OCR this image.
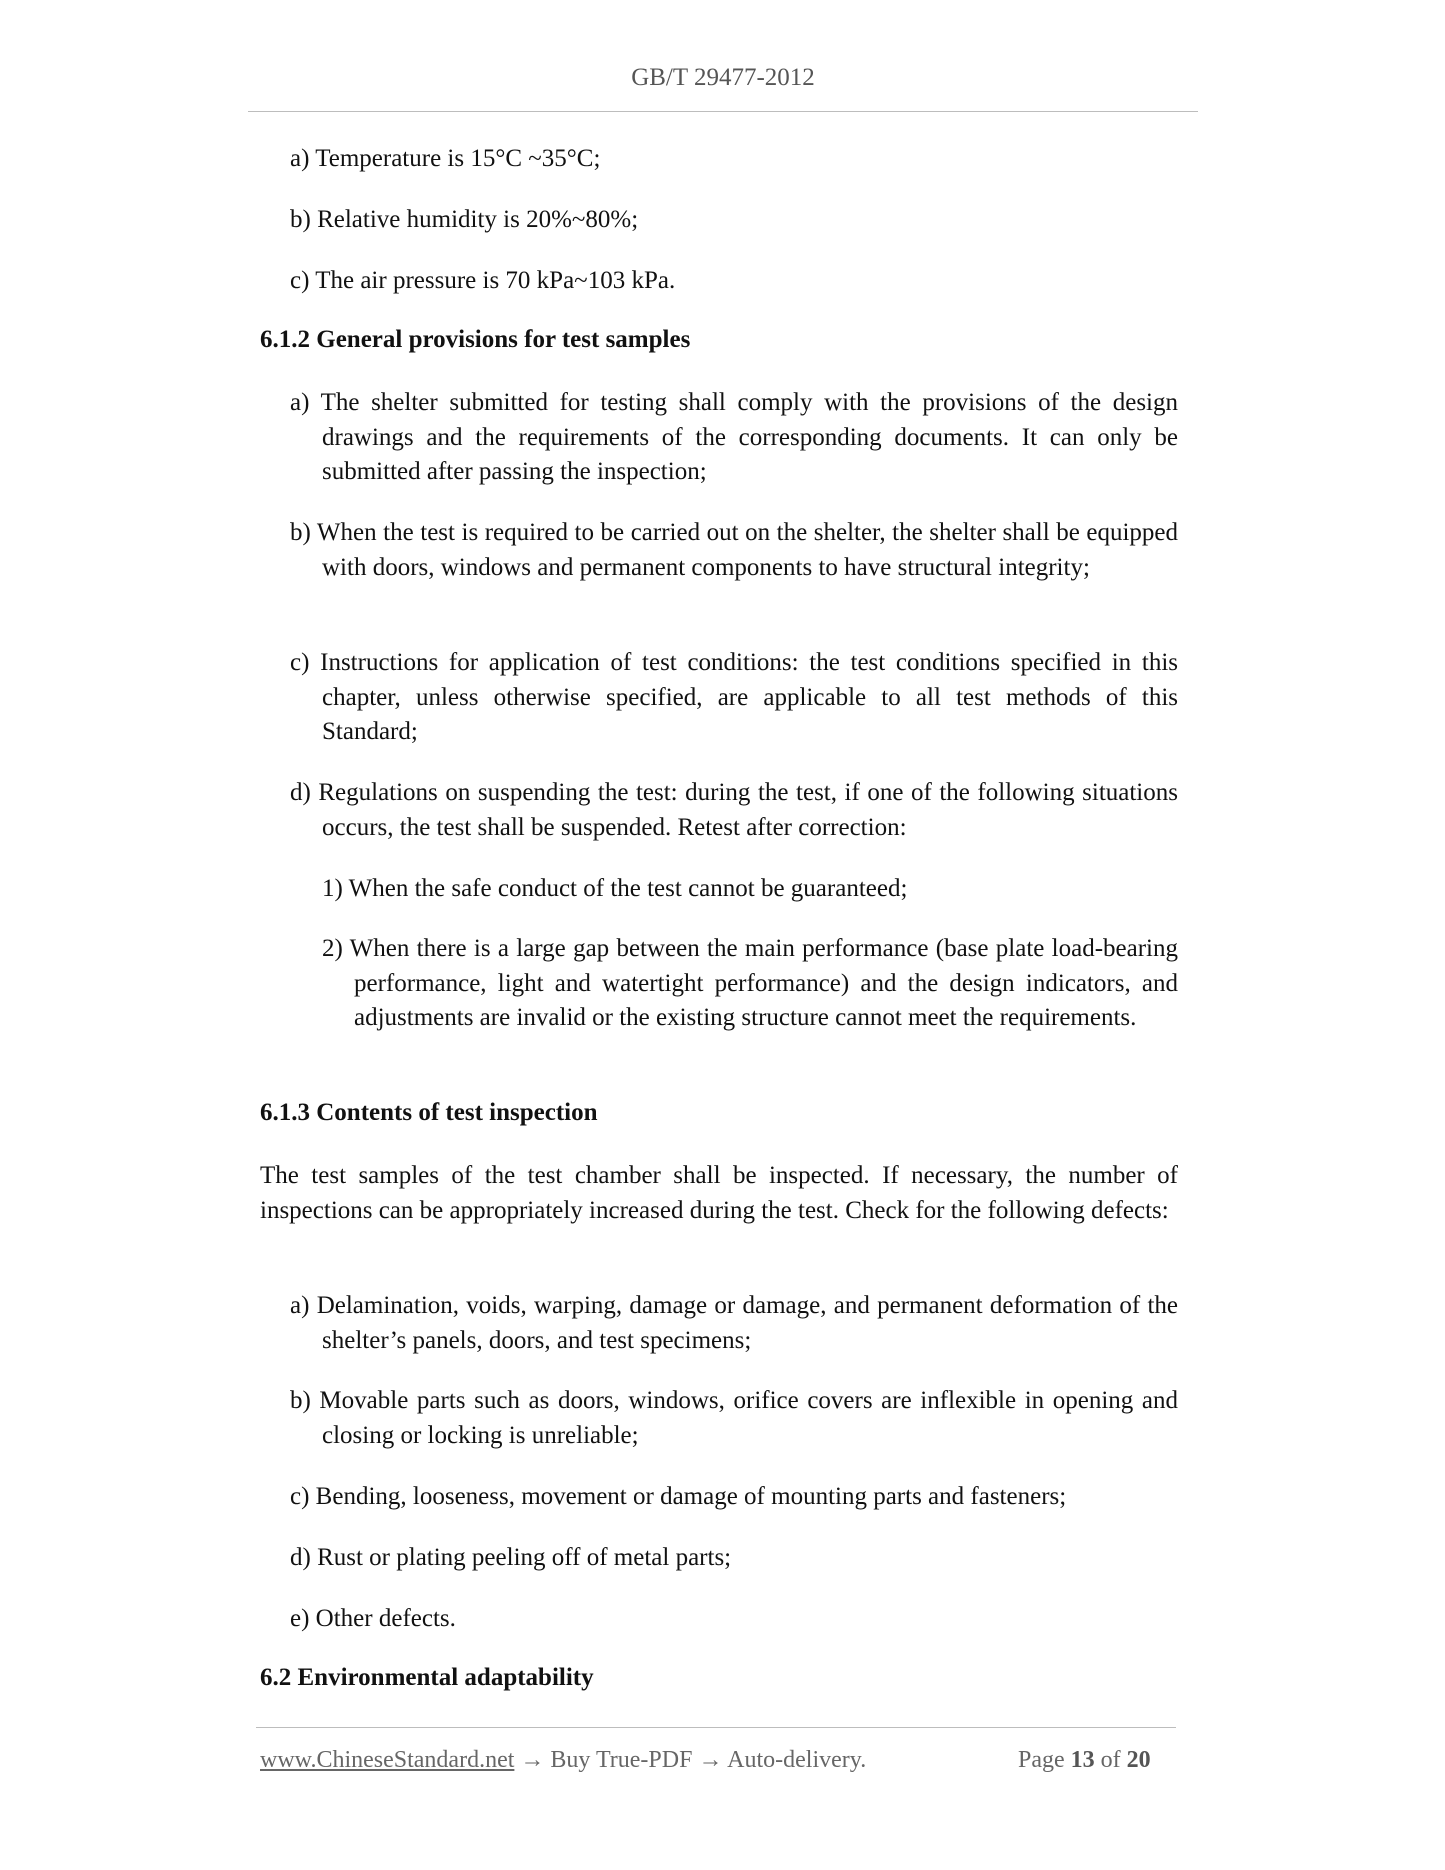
GB/T 29477-2012
a) Temperature is 15°C ~35°C;
b) Relative humidity is 20%~80%;
c) The air pressure is 70 kPa~103 kPa.
6.1.2 General provisions for test samples
a) The shelter submitted for testing shall comply with the provisions of the design drawings and the requirements of the corresponding documents. It can only be submitted after passing the inspection;
b) When the test is required to be carried out on the shelter, the shelter shall be equipped with doors, windows and permanent components to have structural integrity;
c) Instructions for application of test conditions: the test conditions specified in this chapter, unless otherwise specified, are applicable to all test methods of this Standard;
d) Regulations on suspending the test: during the test, if one of the following situations occurs, the test shall be suspended. Retest after correction:
1) When the safe conduct of the test cannot be guaranteed;
2) When there is a large gap between the main performance (base plate load-bearing performance, light and watertight performance) and the design indicators, and adjustments are invalid or the existing structure cannot meet the requirements.
6.1.3 Contents of test inspection
The test samples of the test chamber shall be inspected. If necessary, the number of inspections can be appropriately increased during the test. Check for the following defects:
a) Delamination, voids, warping, damage or damage, and permanent deformation of the shelter’s panels, doors, and test specimens;
b) Movable parts such as doors, windows, orifice covers are inflexible in opening and closing or locking is unreliable;
c) Bending, looseness, movement or damage of mounting parts and fasteners;
d) Rust or plating peeling off of metal parts;
e) Other defects.
6.2 Environmental adaptability
www.ChineseStandard.net → Buy True-PDF → Auto-delivery.	Page 13 of 20
